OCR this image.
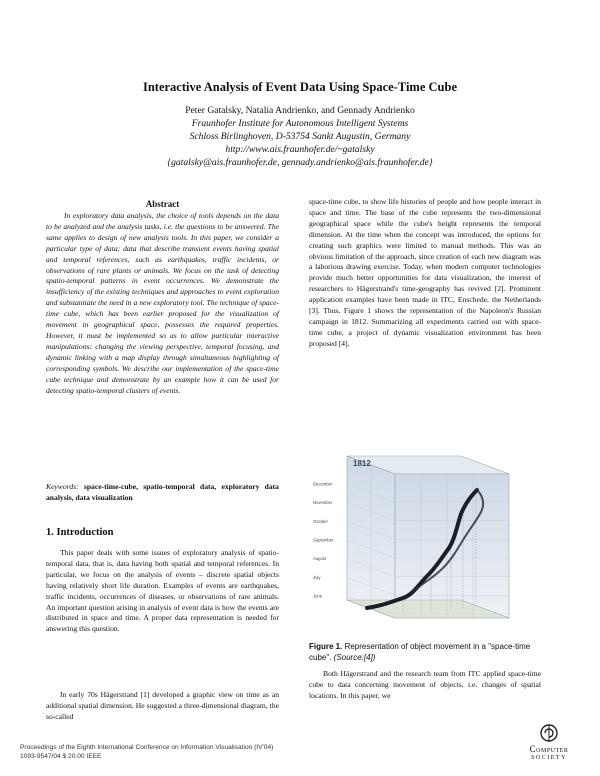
Interactive Analysis of Event Data Using Space-Time Cube
Peter Gatalsky, Natalia Andrienko, and Gennady Andrienko
Fraunhofer Institute for Autonomous Intelligent Systems
Schloss Birlinghoven, D-53754 Sankt Augustin, Germany
http://www.ais.fraunhofer.de/~gatalsky
{gatalsky@ais.fraunhofer.de, gennady.andrienko@ais.fraunhofer.de}
Abstract
In exploratory data analysis, the choice of tools depends on the data to be analyzed and the analysis tasks, i.e. the questions to be answered. The same applies to design of new analysis tools. In this paper, we consider a particular type of data: data that describe transient events having spatial and temporal references, such as earthquakes, traffic incidents, or observations of rare plants or animals. We focus on the task of detecting spatio-temporal patterns in event occurrences. We demonstrate the insufficiency of the existing techniques and approaches to event exploration and substantiate the need in a new exploratory tool. The technique of space-time cube, which has been earlier proposed for the visualization of movement in geographical space, possesses the required properties. However, it must be implemented so as to allow particular interactive manipulations: changing the viewing perspective, temporal focusing, and dynamic linking with a map display through simultaneous highlighting of corresponding symbols. We describe our implementation of the space-time cube technique and demonstrate by an example how it can be used for detecting spatio-temporal clusters of events.
Keywords: space-time-cube, spatio-temporal data, exploratory data analysis, data visualization
1. Introduction
This paper deals with some issues of exploratory analysis of spatio-temporal data, that is, data having both spatial and temporal references. In particular, we focus on the analysis of events – discrete spatial objects having relatively short life duration. Examples of events are earthquakes, traffic incidents, occurrences of diseases, or observations of rare animals. An important question arising in analysis of event data is how the events are distributed in space and time. A proper data representation is needed for answering this question.
In early 70s Hägerstrand [1] developed a graphic view on time as an additional spatial dimension. He suggested a three-dimensional diagram, the so-called
space-time cube, to show life histories of people and how people interact in space and time. The base of the cube represents the two-dimensional geographical space while the cube's height represents the temporal dimension. At the time when the concept was introduced, the options for creating such graphics were limited to manual methods. This was an obvious limitation of the approach, since creation of each new diagram was a laborious drawing exercise. Today, when modern computer technologies provide much better opportunities for data visualization, the interest of researchers to Hägerstrand's time-geography has revived [2]. Prominent application examples have been made in ITC, Enschede, the Netherlands [3]. Thus, Figure 1 shows the representation of the Napoleon's Russian campaign in 1812. Summarizing all experiments carried out with space-time cube, a project of dynamic visualization environment has been proposed [4].
1812
December
November
October
September
August
July
June
Figure 1. Representation of object movement in a "space-time cube". (Source:[4])
Both Hägerstrand and the research team from ITC applied space-time cube to data concerning movement of objects, i.e. changes of spatial locations. In this paper, we
Proceedings of the Eighth International Conference on Information Visualisation (IV'04)
1093-9547/04 $ 20.00 IEEE
Computer
SOCIETY
